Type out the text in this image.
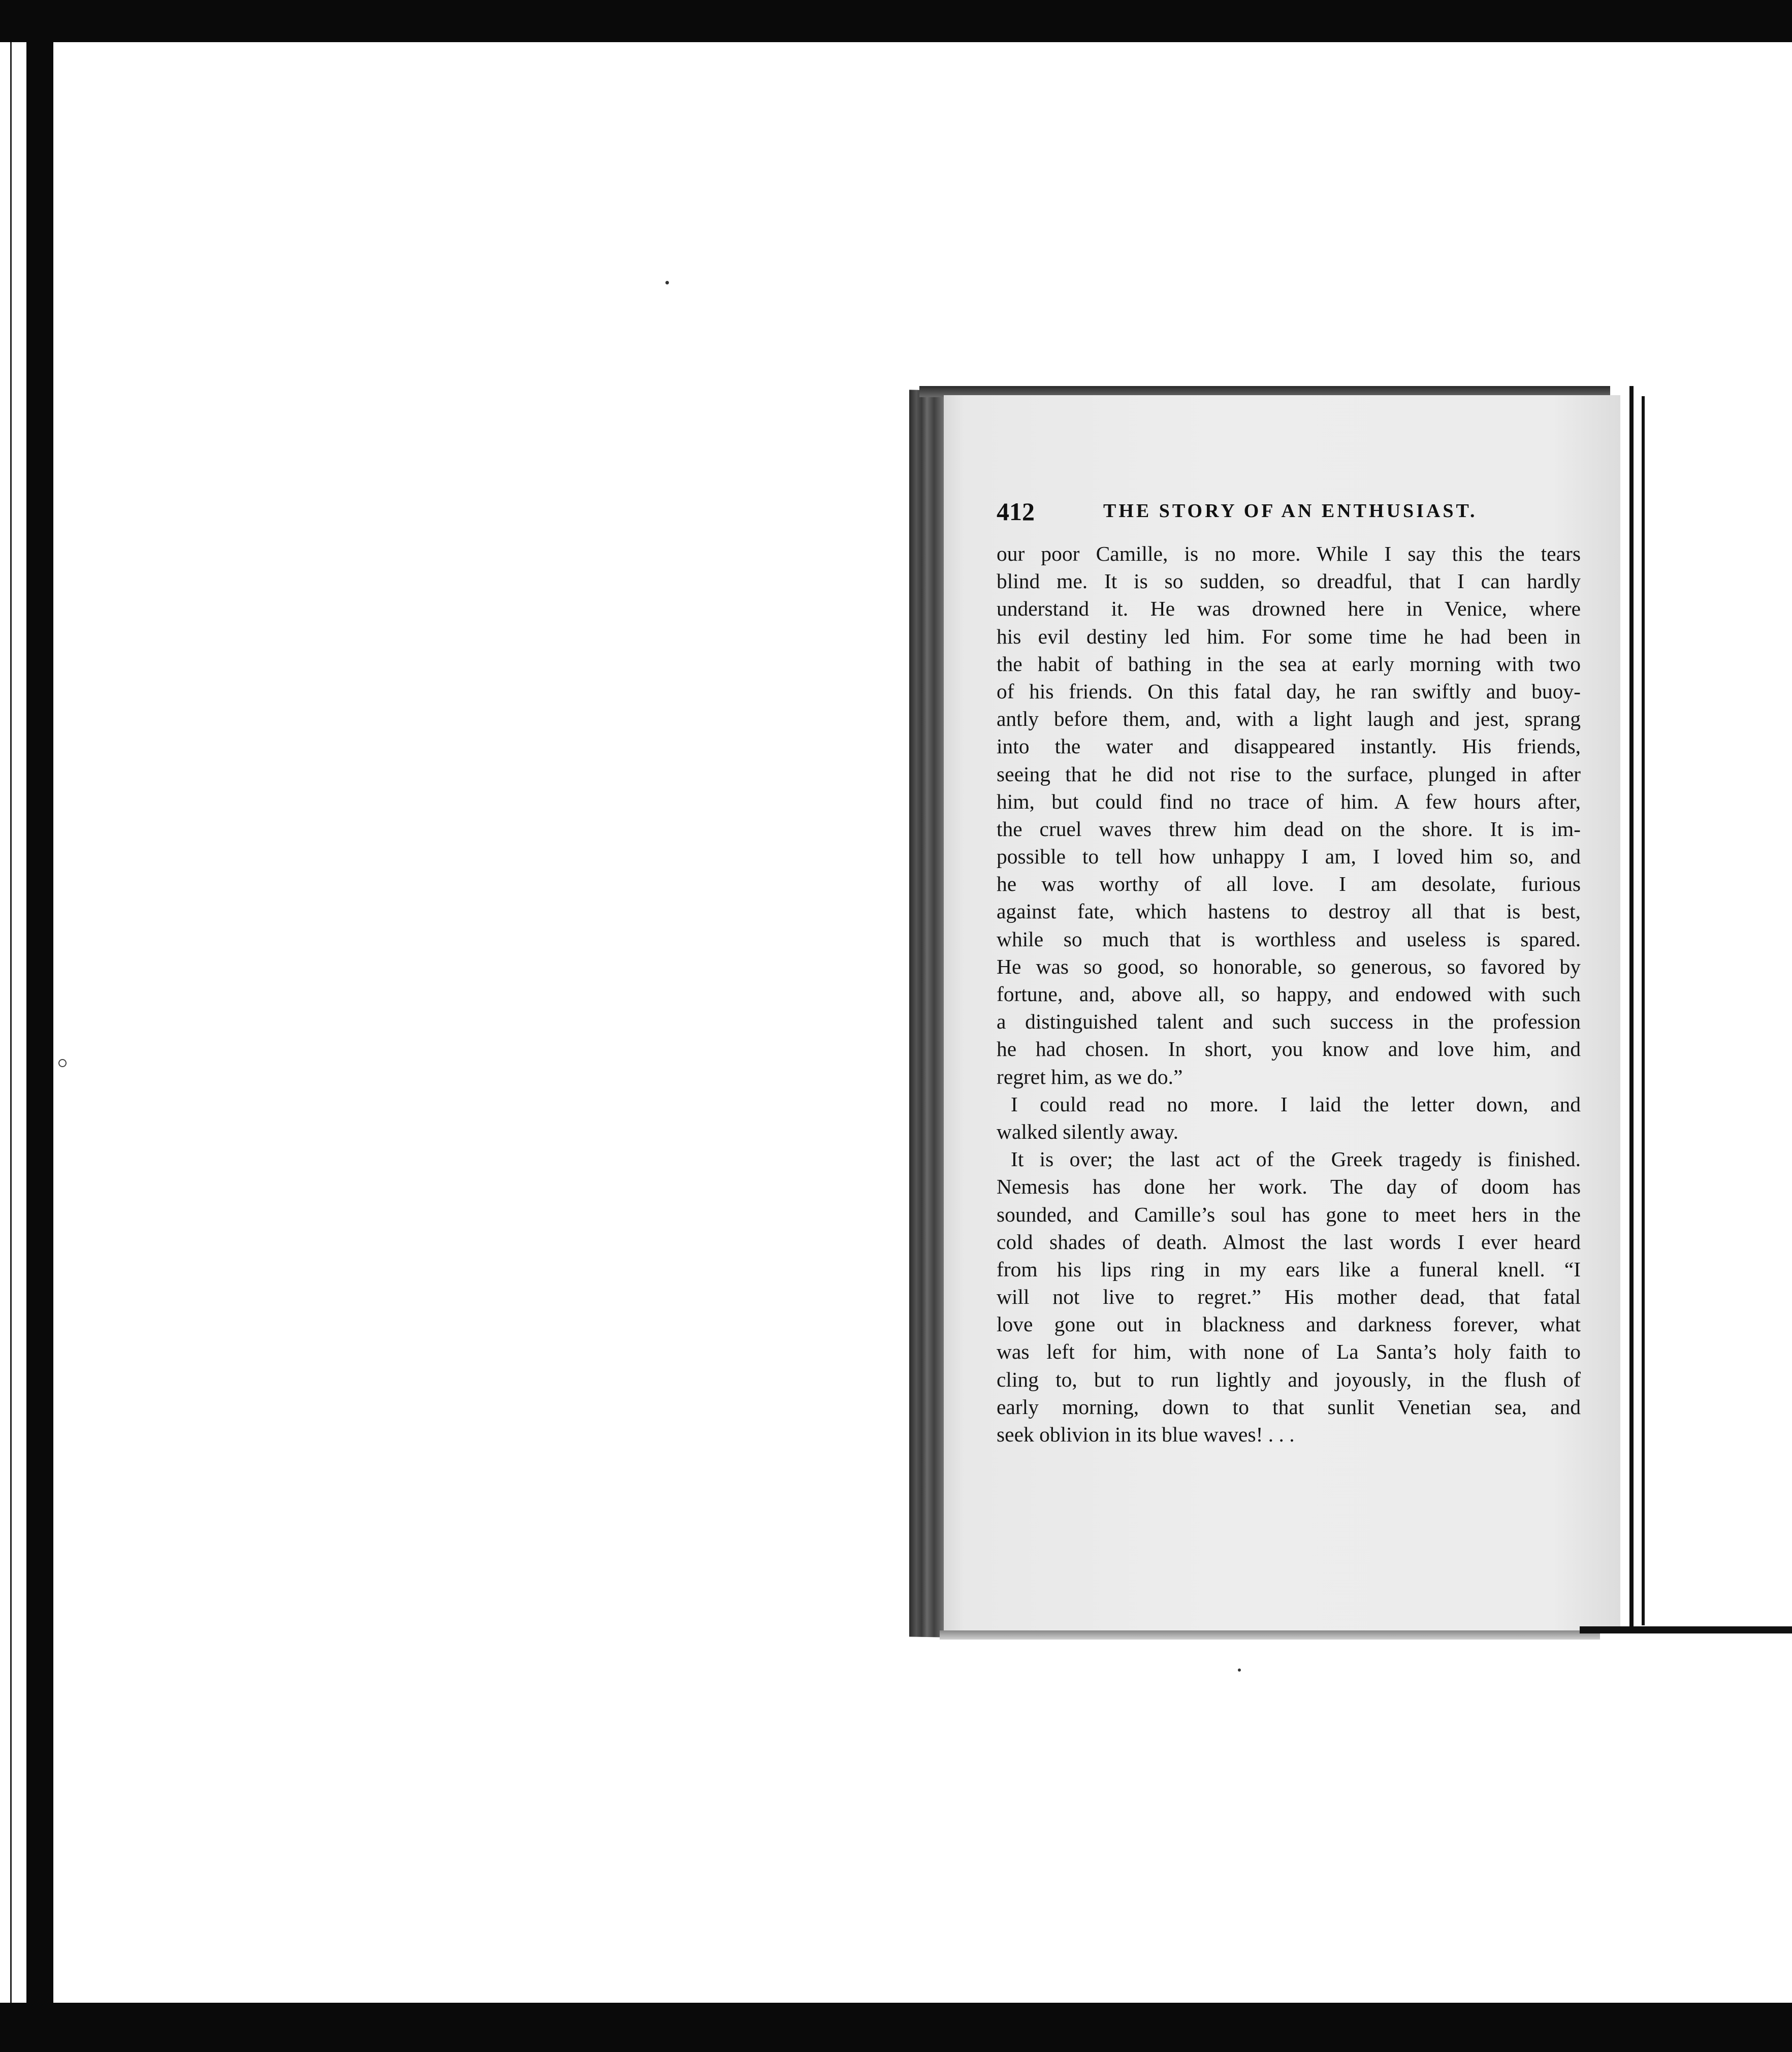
412	THE STORY OF AN ENTHUSIAST.
our poor Camille, is no more. While I say this the tears
blind me. It is so sudden, so dreadful, that I can hardly
understand it. He was drowned here in Venice, where
his evil destiny led him. For some time he had been in
the habit of bathing in the sea at early morning with two
of his friends. On this fatal day, he ran swiftly and buoy-
antly before them, and, with a light laugh and jest, sprang
into the water and disappeared instantly. His friends,
seeing that he did not rise to the surface, plunged in after
him, but could find no trace of him. A few hours after,
the cruel waves threw him dead on the shore. It is im-
possible to tell how unhappy I am, I loved him so, and
he was worthy of all love. I am desolate, furious
against fate, which hastens to destroy all that is best,
while so much that is worthless and useless is spared.
He was so good, so honorable, so generous, so favored by
fortune, and, above all, so happy, and endowed with such
a distinguished talent and such success in the profession
he had chosen. In short, you know and love him, and
regret him, as we do.”
I could read no more. I laid the letter down, and
walked silently away.
It is over; the last act of the Greek tragedy is finished.
Nemesis has done her work. The day of doom has
sounded, and Camille’s soul has gone to meet hers in the
cold shades of death. Almost the last words I ever heard
from his lips ring in my ears like a funeral knell. “I
will not live to regret.” His mother dead, that fatal
love gone out in blackness and darkness forever, what
was left for him, with none of La Santa’s holy faith to
cling to, but to run lightly and joyously, in the flush of
early morning, down to that sunlit Venetian sea, and
seek oblivion in its blue waves! . . .
